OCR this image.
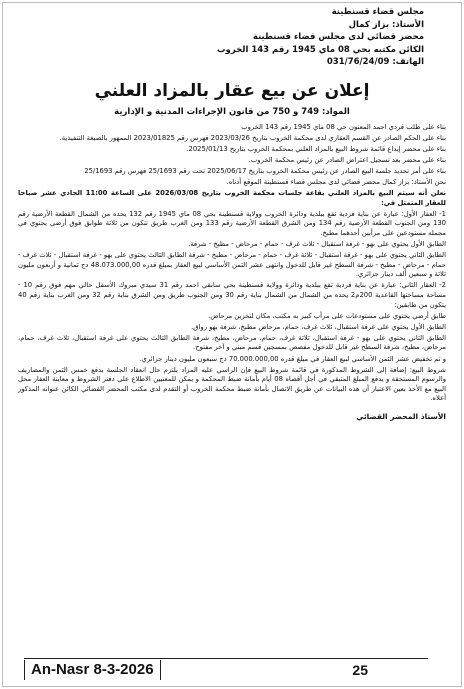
مجلس قضاء قسنطينة
الأستاذ: بزاز كمال
محضر قضائي لدى مجلس قضاء قسنطينة
الكائن مكتبه بحي 08 ماي 1945 رقم 143 الخروب
الهاتف: 031/76/24/09
إعلان عن بيع عقار بالمزاد العلني
المواد: 749 و 750 من قانون الإجراءات المدنية و الإدارية

بناء على طلب فردي احمد المعنون حي 08 ماي 1945 رقم 143 الخروب

بناء على الحكم الصادر عن القسم العقاري لدى محكمة الخروب بتاريخ 2023/03/26 فهرس رقم 2023/01825 الممهور بالصيغة التنفيذية.

بناء على محضر إيداع قائمة شروط البيع بالمزاد العلني بمحكمة الخروب بتاريخ 2025/01/13.

بناء على محضر بعد تسجيل اعتراض الصادر عن رئيس محكمة الخروب.

بناء على أمر تحديد جلسة البيع الصادر عن رئيس محكمة الخروب بتاريخ 2025/06/17 تحت رقم 25/1693 فهرس رقم 25/1693

نحن الأستاذ: بزاز كمال محضر قضائي لدى مجلس قضاء قسنطينة الموقع أدناه.

نعلن أنه سيتم البيع بالمزاد العلني بقاعة جلسات محكمة الخروب بتاريخ 2026/03/08 على الساعة 11:00 الحادي عشر صباحا للعقار المتمثل في:

1- العقار الأول: عبارة عن بناية فردية تقع ببلدية ودائرة الخروب وولاية قسنطينة بحي 08 ماي 1945 رقم 132 يحده من الشمال القطعة الأرضية رقم 130 ومن الجنوب القطعة الأرضية رقم 134 ومن الشرق القطعة الأرضية رقم 133 ومن الغرب طريق تتكون من ثلاثة طوابق فوق أرضي يحتوي في مجمله مستودعين على مرأبين أحدهما مطبخ.

الطابق الأول يحتوي على بهو - غرفة استقبال - ثلاث غرف - حمام - مرحاض - مطبخ - شرفة.

الطابق الثاني يحتوي على بهو - غرفة استقبال - ثلاثة غرف - حمام - مرحاض - مطبخ - شرفة الطابق الثالث يحتوي على بهو - غرفة استقبال - ثلاث غرف - حمام - مرحاض - مطبخ - شرفة السطح غير قابل للدخول وانتهى عشر الثمن الأساسي لبيع العقار بمبلغ قدره 48.073.000,00 دج ثمانية و أربعون مليون ثلاثة و سبعين ألف دينار جزائري.

2- العقار الثاني: عبارة عن بناية فردية تقع ببلدية ودائرة وولاية قسنطينة بحي سابقي احمد رقم 31 سيدي مبروك الأسفل حالي مهم فوق رقم 10 - مساحة مساحتها القاعدية 200م2 يحده من الشمال من الشمال بناية رقم 30 ومن الجنوب طريق ومن الشرق بناية رقم 32 ومن الغرب بناية رقم 40 يتكون من طابقين:

طابق أرضي يحتوي على مستودعات على مرأب كبير به مكتب، مكان لتخزين مرحاض.

الطابق الأول يحتوي على غرفة استقبال، ثلاث غرف، حمام، مرحاض مطبخ، شرفة بهو رواق.

الطابق الثاني يحتوي على بهو - غرفة استقبال، ثلاثة غرف، حمام، مرحاض، مطبخ، شرفة الطابق الثالث يحتوي على غرفة استقبال، ثلاث غرف، حمام، مرحاض، مطبخ، شرفة السطح غير قابل للدخول مفصص بمسجين قسم مبني و آخر مفتوح.

و تم تخفيض عشر الثمن الأساسي لبيع العقار في مبلغ قدره 70.000.000,00 دج سبعون مليون دينار جزائري.

شروط البيع: إضافة إلى الشروط المذكورة في قائمة شروط البيع فإن الراسي عليه المزاد يلتزم حال انعقاد الجلسة بدفع خمس الثمن والمصاريف والرسوم المستحقة و يدفع المبلغ المتبقي في أجل أقصاه 08 أيام بأمانة ضبط المحكمة و يمكن للمعنيين الاطلاع على دفتر الشروط و معاينة العقار محل البيع مع الأخذ بعين الاعتبار أن هذه البيانات عن طريق الاتصال بأمانة ضبط محكمة الخروب أو التقدم لدى مكتب المحضر القضائي الكائن عنوانه المذكور أعلاه.

الأستاذ المحضر القضائي
An-Nasr 8-3-2026	25
